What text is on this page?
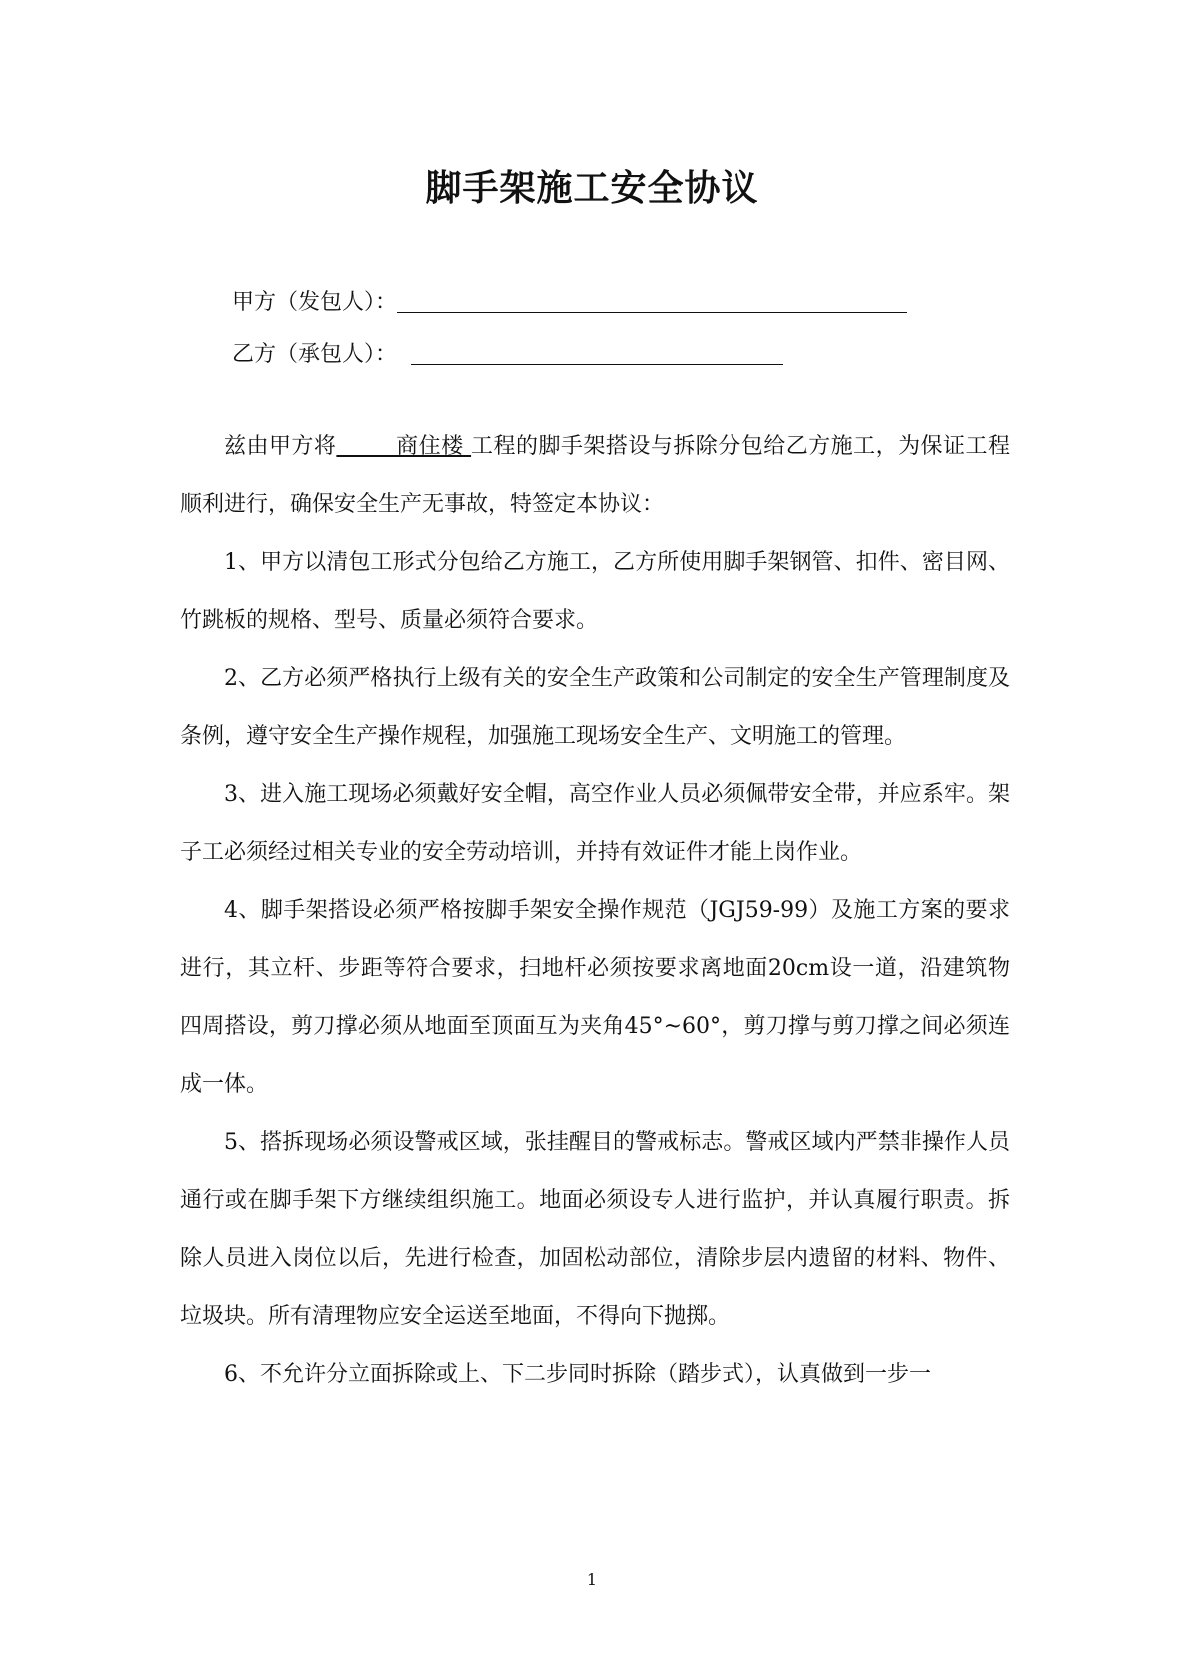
脚手架施工安全协议
甲方（发包人）：
乙方（承包人）：

兹由甲方将        商住楼 工程的脚手架搭设与拆除分包给乙方施工，为保证工程顺利进行，确保安全生产无事故，特签定本协议：

1、甲方以清包工形式分包给乙方施工，乙方所使用脚手架钢管、扣件、密目网、竹跳板的规格、型号、质量必须符合要求。

2、乙方必须严格执行上级有关的安全生产政策和公司制定的安全生产管理制度及条例，遵守安全生产操作规程，加强施工现场安全生产、文明施工的管理。

3、进入施工现场必须戴好安全帽，高空作业人员必须佩带安全带，并应系牢。架子工必须经过相关专业的安全劳动培训，并持有效证件才能上岗作业。

4、脚手架搭设必须严格按脚手架安全操作规范（JGJ59-99）及施工方案的要求进行，其立杆、步距等符合要求，扫地杆必须按要求离地面20cm设一道，沿建筑物四周搭设，剪刀撑必须从地面至顶面互为夹角45°~60°，剪刀撑与剪刀撑之间必须连成一体。

5、搭拆现场必须设警戒区域，张挂醒目的警戒标志。警戒区域内严禁非操作人员通行或在脚手架下方继续组织施工。地面必须设专人进行监护，并认真履行职责。拆除人员进入岗位以后，先进行检查，加固松动部位，清除步层内遗留的材料、物件、垃圾块。所有清理物应安全运送至地面，不得向下抛掷。

6、不允许分立面拆除或上、下二步同时拆除（踏步式），认真做到一步一

1
